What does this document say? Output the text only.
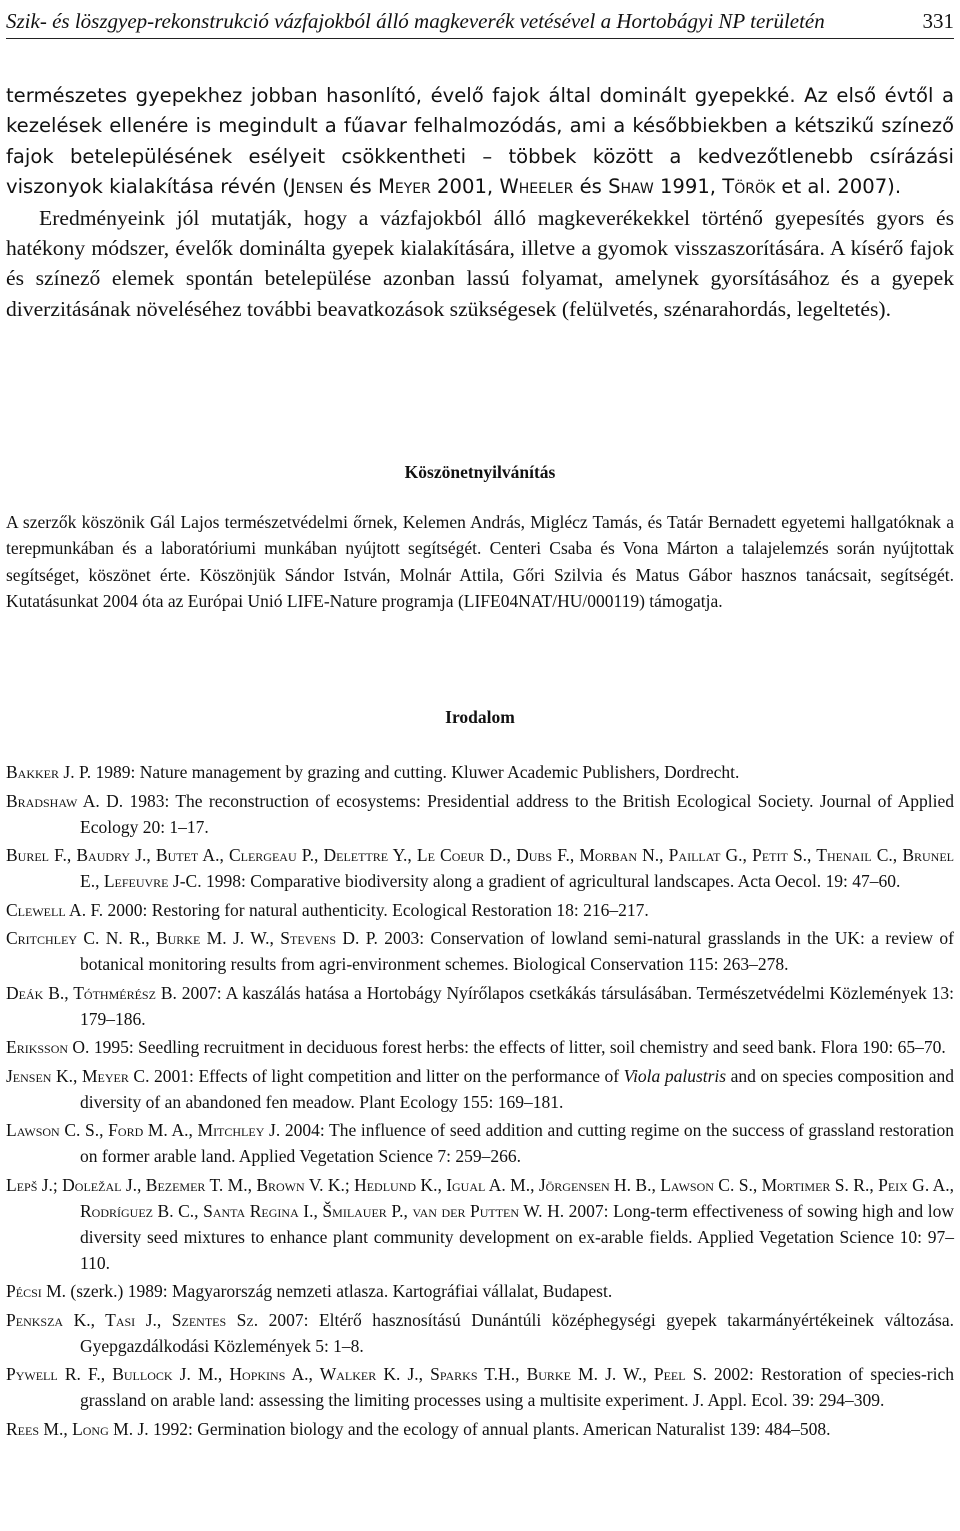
Szik- és löszgyep-rekonstrukció vázfajokból álló magkeverék vetésével a Hortobágyi NP területén	331

természetes gyepekhez jobban hasonlító, évelő fajok által dominált gyepekké. Az első évtől a kezelések ellenére is megindult a fűavar felhalmozódás, ami a későbbiekben a kétszikű színező fajok betelepülésének esélyeit csökkentheti – többek között a kedvezőtlenebb csírázási viszonyok kialakítása révén (Jensen és Meyer 2001, Wheeler és Shaw 1991, Török et al. 2007).

Eredményeink jól mutatják, hogy a vázfajokból álló magkeverékekkel történő gyepesítés gyors és hatékony módszer, évelők dominálta gyepek kialakítására, illetve a gyomok visszaszorítására. A kísérő fajok és színező elemek spontán betelepülése azonban lassú folyamat, amelynek gyorsításához és a gyepek diverzitásának növeléséhez további beavatkozások szükségesek (felülvetés, szénarahordás, legeltetés).

Köszönetnyilvánítás

A szerzők köszönik Gál Lajos természetvédelmi őrnek, Kelemen András, Miglécz Tamás, és Tatár Bernadett egyetemi hallgatóknak a terepmunkában és a laboratóriumi munkában nyújtott segítségét. Centeri Csaba és Vona Márton a talajelemzés során nyújtottak segítséget, köszönet érte. Köszönjük Sándor István, Molnár Attila, Gőri Szilvia és Matus Gábor hasznos tanácsait, segítségét. Kutatásunkat 2004 óta az Európai Unió LIFE-Nature programja (LIFE04NAT/HU/000119) támogatja.

Irodalom

Bakker J. P. 1989: Nature management by grazing and cutting. Kluwer Academic Publishers, Dordrecht.

Bradshaw A. D. 1983: The reconstruction of ecosystems: Presidential address to the British Ecological Society. Journal of Applied Ecology 20: 1–17.

Burel F., Baudry J., Butet A., Clergeau P., Delettre Y., Le Coeur D., Dubs F., Morban N., Paillat G., Petit S., Thenail C., Brunel E., Lefeuvre J-C. 1998: Comparative biodiversity along a gradient of agricultural landscapes. Acta Oecol. 19: 47–60.

Clewell A. F. 2000: Restoring for natural authenticity. Ecological Restoration 18: 216–217.

Critchley C. N. R., Burke M. J. W., Stevens D. P. 2003: Conservation of lowland semi-natural grasslands in the UK: a review of botanical monitoring results from agri-environment schemes. Biological Conservation 115: 263–278.

Deák B., Tóthmérész B. 2007: A kaszálás hatása a Hortobágy Nyírőlapos csetkákás társulásában. Természetvédelmi Közlemények 13: 179–186.

Eriksson O. 1995: Seedling recruitment in deciduous forest herbs: the effects of litter, soil chemistry and seed bank. Flora 190: 65–70.

Jensen K., Meyer C. 2001: Effects of light competition and litter on the performance of Viola palustris and on species composition and diversity of an abandoned fen meadow. Plant Ecology 155: 169–181.

Lawson C. S., Ford M. A., Mitchley J. 2004: The influence of seed addition and cutting regime on the success of grassland restoration on former arable land. Applied Vegetation Science 7: 259–266.

Lepš J.; Doležal J., Bezemer T. M., Brown V. K.; Hedlund K., Igual A. M., Jörgensen H. B., Lawson C. S., Mortimer S. R., Peix G. A., Rodríguez B. C., Santa Regina I., Šmilauer P., van der Putten W. H. 2007: Long-term effectiveness of sowing high and low diversity seed mixtures to enhance plant community development on ex-arable fields. Applied Vegetation Science 10: 97–110.

Pécsi M. (szerk.) 1989: Magyarország nemzeti atlasza. Kartográfiai vállalat, Budapest.

Penksza K., Tasi J., Szentes Sz. 2007: Eltérő hasznosítású Dunántúli középhegységi gyepek takarmányértékeinek változása. Gyepgazdálkodási Közlemények 5: 1–8.

Pywell R. F., Bullock J. M., Hopkins A., Walker K. J., Sparks T.H., Burke M. J. W., Peel S. 2002: Restoration of species-rich grassland on arable land: assessing the limiting processes using a multisite experiment. J. Appl. Ecol. 39: 294–309.

Rees M., Long M. J. 1992: Germination biology and the ecology of annual plants. American Naturalist 139: 484–508.
